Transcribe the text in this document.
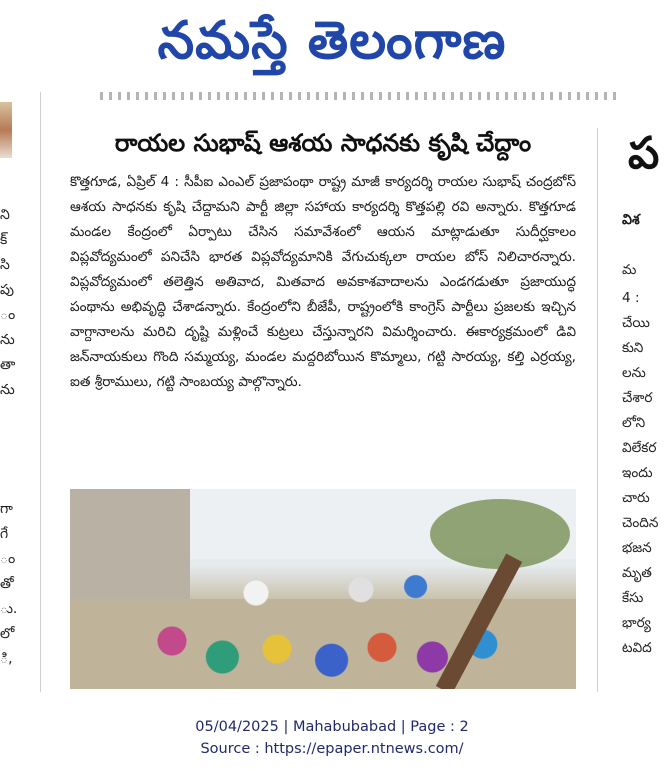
నమస్తే తెలంగాణ
ని
క్
సి
పు
ం
ను
తా
ను
గా
గే
ం
తో
ు.
లో
ి,
రాయల సుభాష్ ఆశయ సాధనకు కృషి చేద్దాం

కొత్తగూడ, ఏప్రిల్ 4 : సీపీఐ ఎంఎల్ ప్రజాపంథా రాష్ట్ర మాజీ కార్యదర్శి రాయల సుభాష్ చంద్రబోస్ ఆశయ సాధనకు కృషి చేద్దామని పార్టీ జిల్లా సహాయ కార్యదర్శి కొత్తపల్లి రవి అన్నారు. కొత్తగూడ మండల కేంద్రంలో ఏర్పాటు చేసిన సమావేశంలో ఆయన మాట్లాడుతూ సుదీర్ఘకాలం విప్లవోద్యమంలో పనిచేసి భారత విప్లవోద్యమానికి వేగుచుక్కలా రాయల బోస్ నిలిచారన్నారు. విప్లవోద్యమంలో తలెత్తిన అతివాద, మితవాద అవకాశవాదాలను ఎండగడుతూ ప్రజాయుద్ధ పంథాను అభివృద్ధి చేశాడన్నారు. కేంద్రంలోని బీజేపీ, రాష్ట్రంలోకి కాంగ్రెస్ పార్టీలు ప్రజలకు ఇచ్చిన వాగ్దానాలను మరిచి దృష్టి మళ్లించే కుట్రలు చేస్తున్నారని విమర్శించారు. ఈకార్యక్రమంలో డివి జన్‌నాయకులు గొంది సమ్మయ్య, మండల మద్దరిబోయిన కొమ్మాలు, గట్టి సారయ్య, కల్తి ఎర్రయ్య, ఐత శ్రీరాములు, గట్టి సాంబయ్య పాల్గొన్నారు.

ప
విశ
మ
4 :
చేయి
కుని
లను
చేశార
లోని
విలేకర
ఇందు
చారు
చెందిన
భజన
మృత
కేసు
భార్య
టవిద
05/04/2025 | Mahabubabad | Page : 2
Source : https://epaper.ntnews.com/
